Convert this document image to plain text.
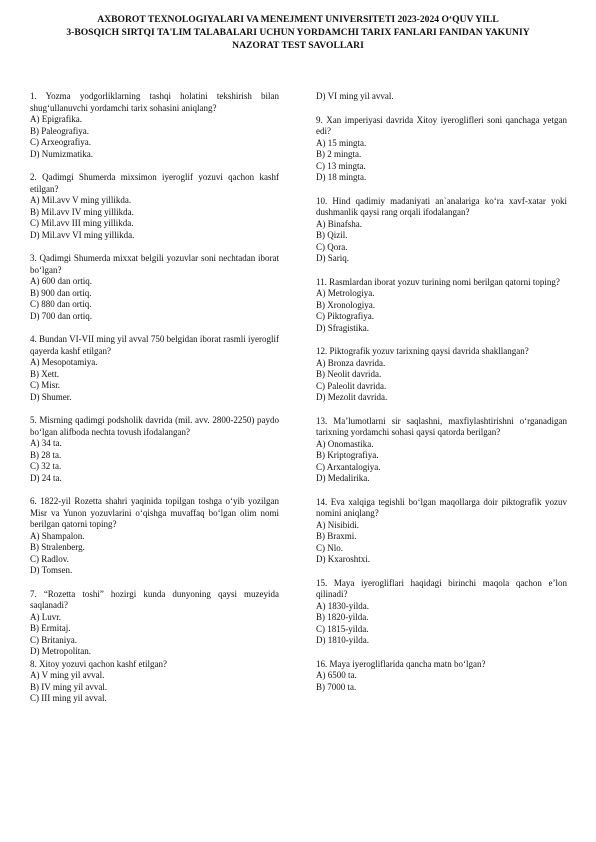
AXBOROT TEXNOLOGIYALARI VA MENEJMENT UNIVERSITETI 2023-2024 O‘QUV YILL
3-BOSQICH SIRTQI TA'LIM TALABALARI UCHUN YORDAMCHI TARIX FANLARI FANIDAN YAKUNIY
NAZORAT TEST SAVOLLARI
1. Yozma yodgorliklarning tashqi holatini tekshirish bilan shug‘ullanuvchi yordamchi tarix sohasini aniqlang?
A) Epigrafika.
B) Paleografiya.
C) Arxeografiya.
D) Numizmatika.
2. Qadimgi Shumerda mixsimon iyeroglif yozuvi qachon kashf etilgan?
A) Mil.avv V ming yillikda.
B) Mil.avv IV ming yillikda.
C) Mil.avv III ming yillikda.
D) Mil.avv VI ming yillikda.
3. Qadimgi Shumerda mixxat belgili yozuvlar soni nechtadan iborat bo‘lgan?
A) 600 dan ortiq.
B) 900 dan ortiq.
C) 880 dan ortiq.
D) 700 dan ortiq.
4. Bundan VI-VII ming yil avval 750 belgidan iborat rasmli iyeroglif qayerda kashf etilgan?
A) Mesopotamiya.
B) Xett.
C) Misr.
D) Shumer.
5. Misrning qadimgi podsholik davrida (mil. avv. 2800-2250) paydo bo‘lgan alifboda nechta tovush ifodalangan?
A) 34 ta.
B) 28 ta.
C) 32 ta.
D) 24 ta.
6. 1822-yil Rozetta shahri yaqinida topilgan toshga o‘yib yozilgan Misr va Yunon yozuvlarini o‘qishga muvaffaq bo‘lgan olim nomi berilgan qatorni toping?
A) Shampalon.
B) Stralenberg.
C) Radlov.
D) Tomsen.
7. “Rozetta toshi” hozirgi kunda dunyoning qaysi muzeyida saqlanadi?
A) Luvr.
B) Ermitaj.
C) Britaniya.
D) Metropolitan.
8. Xitoy yozuvi qachon kashf etilgan?
A) V ming yil avval.
B) IV ming yil avval.
C) III ming yil avval.
D) VI ming yil avval.
9. Xan imperiyasi davrida Xitoy iyeroglifleri soni qanchaga yetgan edi?
A) 15 mingta.
B) 2 mingta.
C) 13 mingta.
D) 18 mingta.
10. Hind qadimiy madaniyati an`analariga ko‘ra xavf-xatar yoki dushmanlik qaysi rang orqali ifodalangan?
A) Binafsha.
B) Qizil.
C) Qora.
D) Sariq.
11. Rasmlardan iborat yozuv turining nomi berilgan qatorni toping?
A) Metrologiya.
B) Xronologiya.
C) Piktografiya.
D) Sfragistika.
12. Piktografik yozuv tarixning qaysi davrida shakllangan?
A) Bronza davrida.
B) Neolit davrida.
C) Paleolit davrida.
D) Mezolit davrida.
13. Ma’lumotlarni sir saqlashni, maxfiylashtirishni o‘rganadigan tarixning yordamchi sohasi qaysi qatorda berilgan?
A) Onomastika.
B) Kriptografiya.
C) Arxantalogiya.
D) Medalirika.
14. Eva xalqiga tegishli bo‘lgan maqollarga doir piktografik yozuv nomini aniqlang?
A) Nisibidi.
B) Braxmi.
C) Nlo.
D) Kxaroshtxi.
15. Maya iyerogliflari haqidagi birinchi maqola qachon e’lon qilinadi?
A) 1830-yilda.
B) 1820-yilda.
C) 1815-yilda.
D) 1810-yilda.
16. Maya iyerogliflarida qancha matn bo‘lgan?
A) 6500 ta.
B) 7000 ta.
